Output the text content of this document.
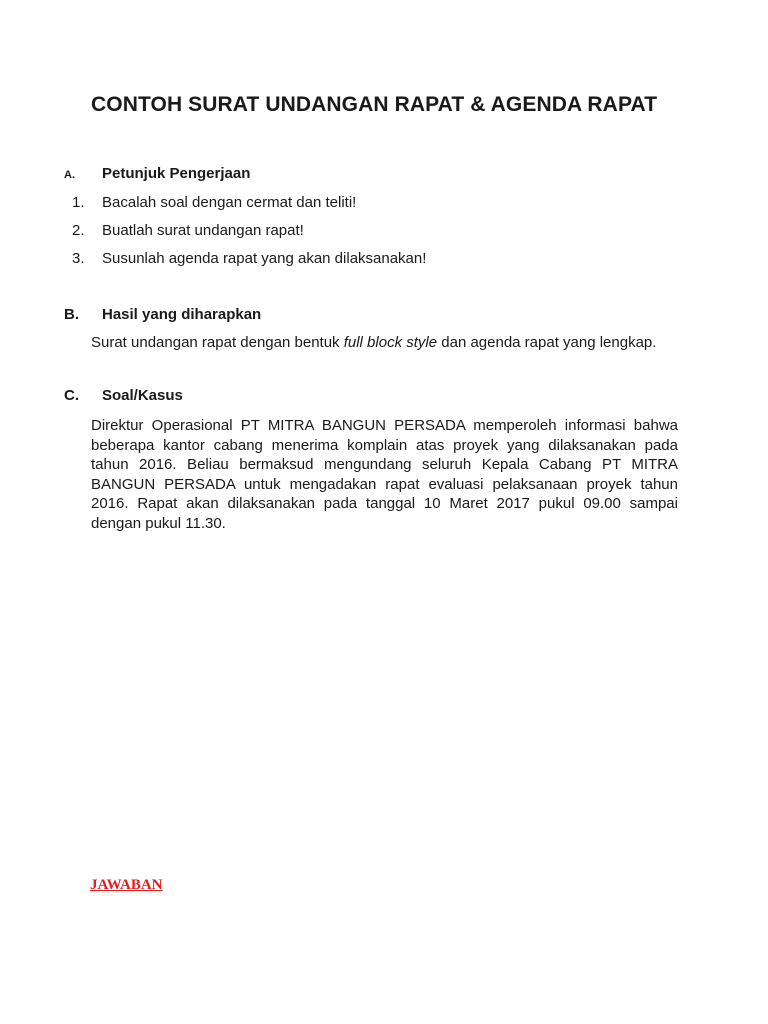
CONTOH SURAT UNDANGAN RAPAT & AGENDA RAPAT
A. Petunjuk Pengerjaan
1. Bacalah soal dengan cermat dan teliti!
2. Buatlah surat undangan rapat!
3. Susunlah agenda rapat yang akan dilaksanakan!
B. Hasil yang diharapkan
Surat undangan rapat dengan bentuk full block style dan agenda rapat yang lengkap.
C. Soal/Kasus
Direktur Operasional PT MITRA BANGUN PERSADA memperoleh informasi bahwa beberapa kantor cabang menerima komplain atas proyek yang dilaksanakan pada tahun 2016. Beliau bermaksud mengundang seluruh Kepala Cabang PT MITRA BANGUN PERSADA untuk mengadakan rapat evaluasi pelaksanaan proyek tahun 2016. Rapat akan dilaksanakan pada tanggal 10 Maret 2017 pukul 09.00 sampai dengan pukul 11.30.
JAWABAN
